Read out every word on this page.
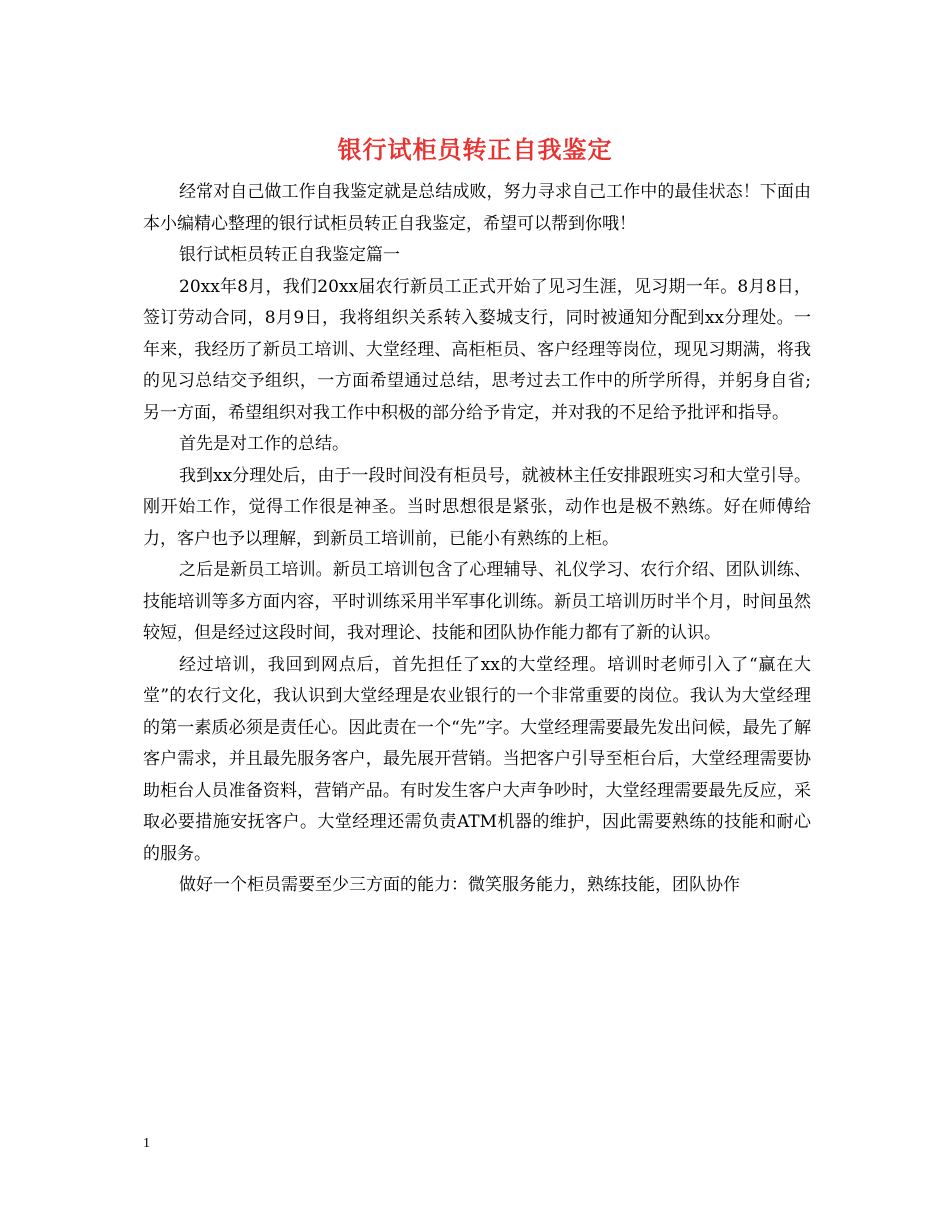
银行试柜员转正自我鉴定

经常对自己做工作自我鉴定就是总结成败，努力寻求自己工作中的最佳状态！下面由本小编精心整理的银行试柜员转正自我鉴定，希望可以帮到你哦！

银行试柜员转正自我鉴定篇一

20xx年8月，我们20xx届农行新员工正式开始了见习生涯，见习期一年。8月8日，签订劳动合同，8月9日，我将组织关系转入婺城支行，同时被通知分配到xx分理处。一年来，我经历了新员工培训、大堂经理、高柜柜员、客户经理等岗位，现见习期满，将我的见习总结交予组织，一方面希望通过总结，思考过去工作中的所学所得，并躬身自省;另一方面，希望组织对我工作中积极的部分给予肯定，并对我的不足给予批评和指导。

首先是对工作的总结。

我到xx分理处后，由于一段时间没有柜员号，就被林主任安排跟班实习和大堂引导。刚开始工作，觉得工作很是神圣。当时思想很是紧张，动作也是极不熟练。好在师傅给力，客户也予以理解，到新员工培训前，已能小有熟练的上柜。

之后是新员工培训。新员工培训包含了心理辅导、礼仪学习、农行介绍、团队训练、技能培训等多方面内容，平时训练采用半军事化训练。新员工培训历时半个月，时间虽然较短，但是经过这段时间，我对理论、技能和团队协作能力都有了新的认识。

经过培训，我回到网点后，首先担任了xx的大堂经理。培训时老师引入了“赢在大堂”的农行文化，我认识到大堂经理是农业银行的一个非常重要的岗位。我认为大堂经理的第一素质必须是责任心。因此责在一个“先”字。大堂经理需要最先发出问候，最先了解客户需求，并且最先服务客户，最先展开营销。当把客户引导至柜台后，大堂经理需要协助柜台人员准备资料，营销产品。有时发生客户大声争吵时，大堂经理需要最先反应，采取必要措施安抚客户。大堂经理还需负责ATM机器的维护，因此需要熟练的技能和耐心的服务。

做好一个柜员需要至少三方面的能力：微笑服务能力，熟练技能，团队协作

1
